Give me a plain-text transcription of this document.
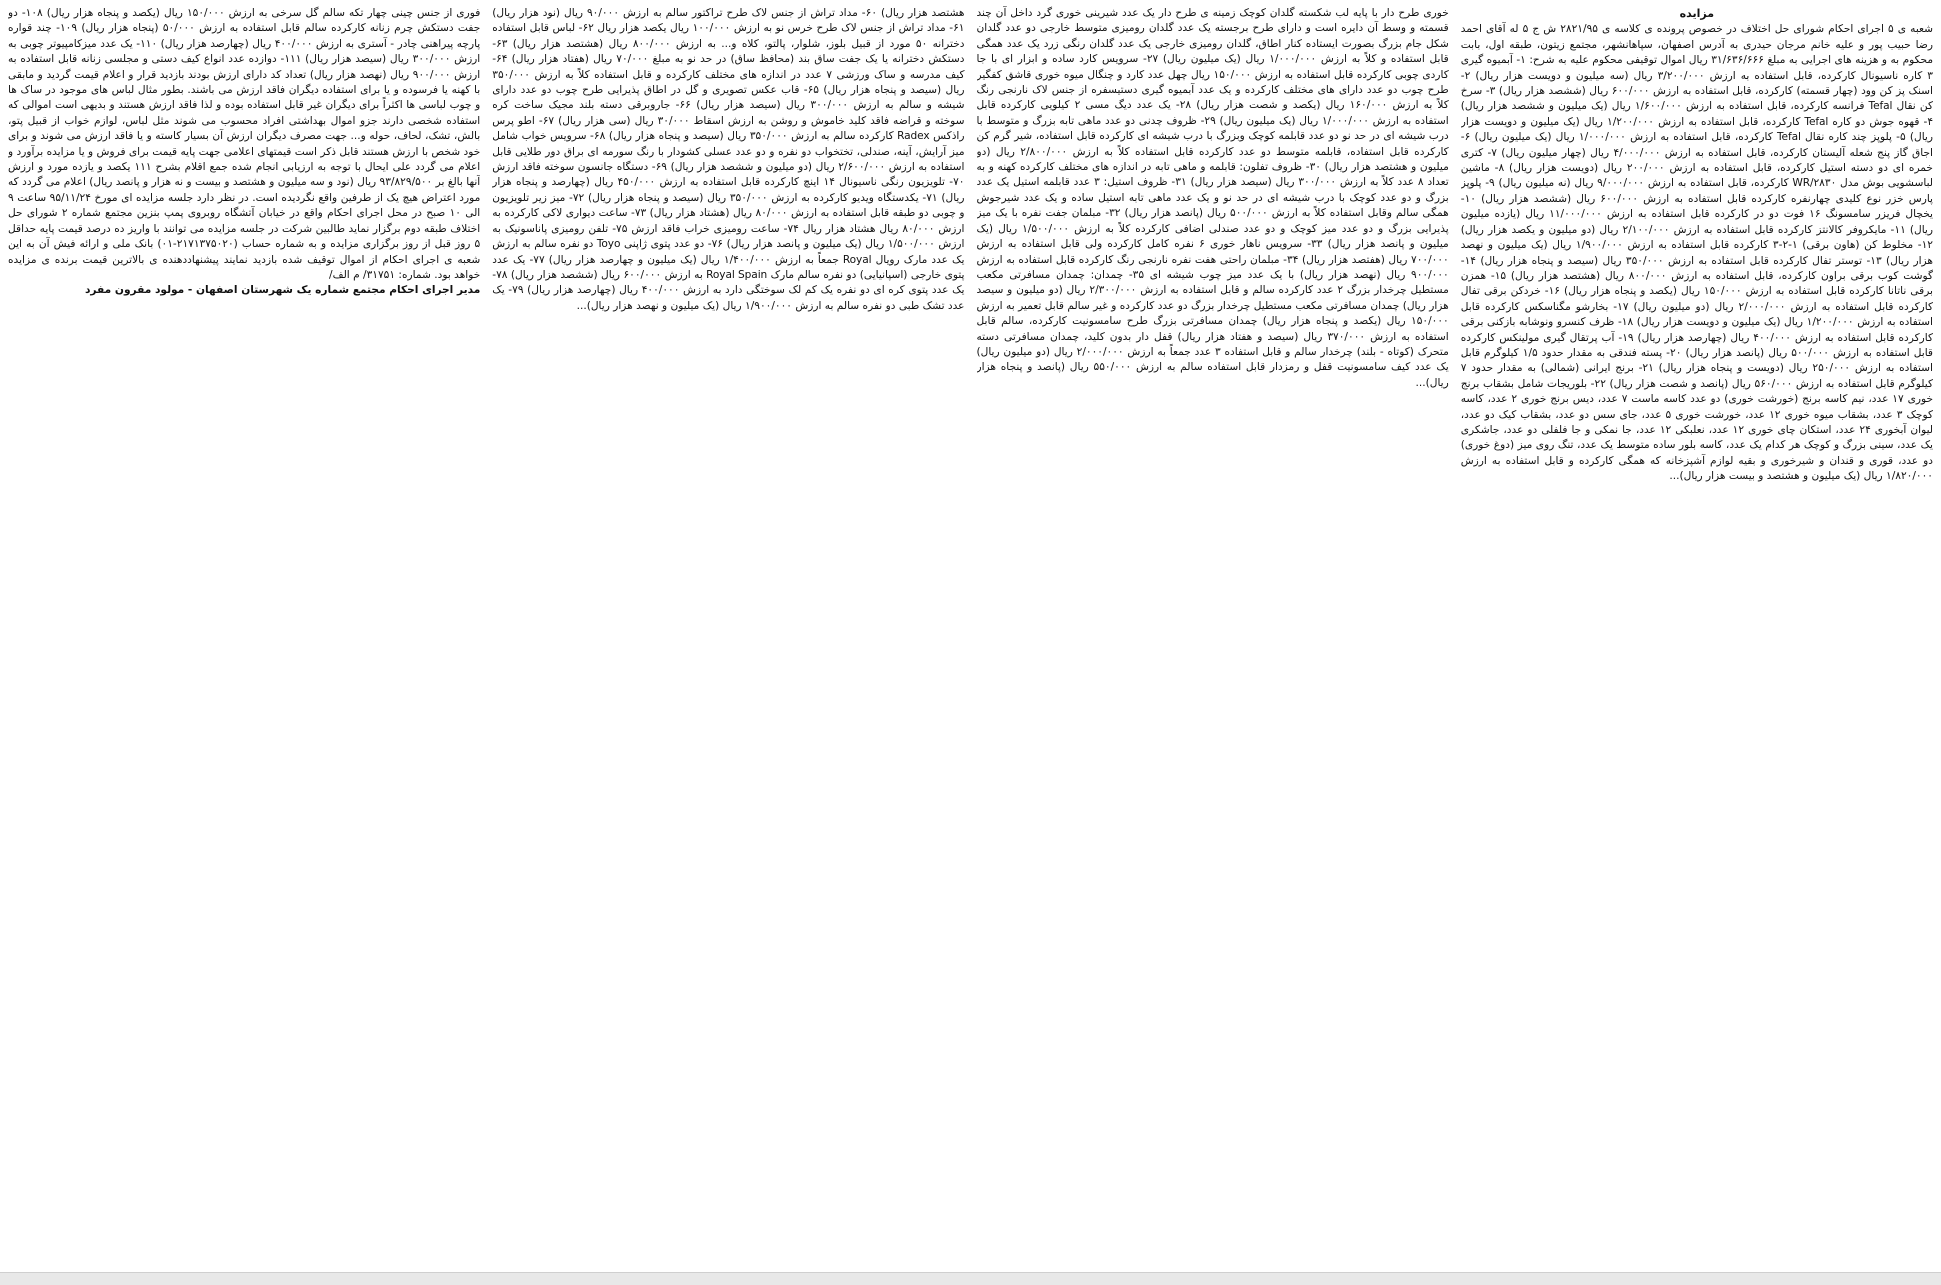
مزایده

شعبه ی ۵ اجرای احکام شورای حل اختلاف در خصوص پرونده ی کلاسه ی ۲۸۲۱/۹۵ ش ج ۵ له آقای احمد رضا حبیب پور و علیه خانم مرجان حیدری به آدرس اصفهان، سپاهانشهر، مجتمع زیتون، طبقه اول، بابت محکوم به و هزینه های اجرایی به مبلغ ۳۱/۶۳۶/۶۶۶ ریال اموال توقیفی محکوم علیه به شرح: ۱- آبمیوه گیری ۳ کاره ناسیونال کارکرده، قابل استفاده به ارزش ۳/۲۰۰/۰۰۰ ریال (سه میلیون و دویست هزار ریال) ۲- اسنک پز کن وود (چهار قسمته) کارکرده، قابل استفاده به ارزش ۶۰۰/۰۰۰ ریال (ششصد هزار ریال) ۳- سرخ کن نقال Tefal فرانسه کارکرده، قابل استفاده به ارزش ۱/۶۰۰/۰۰۰ ریال (یک میلیون و ششصد هزار ریال) ۴- قهوه جوش دو کاره Tefal کارکرده، قابل استفاده به ارزش ۱/۲۰۰/۰۰۰ ریال (یک میلیون و دویست هزار ریال) ۵- پلوپز چند کاره نقال Tefal کارکرده، قابل استفاده به ارزش ۱/۰۰۰/۰۰۰ ریال (یک میلیون ریال) ۶- اجاق گاز پنج شعله آلیستان کارکرده، قابل استفاده به ارزش ۴/۰۰۰/۰۰۰ ریال (چهار میلیون ریال) ۷- کتری خمره ای دو دسته استیل کارکرده، قابل استفاده به ارزش ۲۰۰/۰۰۰ ریال (دویست هزار ریال) ۸- ماشین لباسشویی بوش مدل WR/۲۸۳۰ کارکرده، قابل استفاده به ارزش ۹/۰۰۰/۰۰۰ ریال (نه میلیون ریال) ۹- پلوپز پارس خزر نوع کلیدی چهارنفره کارکرده قابل استفاده به ارزش ۶۰۰/۰۰۰ ریال (ششصد هزار ریال) ۱۰- یخچال فریزر سامسونگ ۱۶ فوت دو در کارکرده قابل استفاده به ارزش ۱۱/۰۰۰/۰۰۰ ریال (یازده میلیون ریال) ۱۱- مایکروفر کالانتز کارکرده قابل استفاده به ارزش ۲/۱۰۰/۰۰۰ ریال (دو میلیون و یکصد هزار ریال) ۱۲- مخلوط کن (هاون برقی) ۱-۲-۳ کارکرده قابل استفاده به ارزش ۱/۹۰۰/۰۰۰ ریال (یک میلیون و نهصد هزار ریال) ۱۳- توستر تفال کارکرده قابل استفاده به ارزش ۳۵۰/۰۰۰ ریال (سیصد و پنجاه هزار ریال) ۱۴- گوشت کوب برقی براون کارکرده، قابل استفاده به ارزش ۸۰۰/۰۰۰ ریال (هشتصد هزار ریال) ۱۵- همزن برقی ناتانا کارکرده قابل استفاده به ارزش ۱۵۰/۰۰۰ ریال (یکصد و پنجاه هزار ریال) ۱۶- خردکن برقی تفال کارکرده قابل استفاده به ارزش ۲/۰۰۰/۰۰۰ ریال (دو میلیون ریال) ۱۷- بخارشو مگناسکس کارکرده قابل استفاده به ارزش ۱/۲۰۰/۰۰۰ ریال (یک میلیون و دویست هزار ریال) ۱۸- ظرف کنسرو ونوشابه بازکنی برقی کارکرده قابل استفاده به ارزش ۴۰۰/۰۰۰ ریال (چهارصد هزار ریال) ۱۹- آب پرتقال گیری مولینکس کارکرده قابل استفاده به ارزش ۵۰۰/۰۰۰ ریال (پانصد هزار ریال) ۲۰- پسته فندقی به مقدار حدود ۱/۵ کیلوگرم قابل استفاده به ارزش ۲۵۰/۰۰۰ ریال (دویست و پنجاه هزار ریال) ۲۱- برنج ایرانی (شمالی) به مقدار حدود ۷ کیلوگرم قابل استفاده به ارزش ۵۶۰/۰۰۰ ریال (پانصد و شصت هزار ریال) ۲۲- بلوریجات شامل بشقاب برنج خوری ۱۷ عدد، نیم کاسه برنج (خورشت خوری) دو عدد کاسه ماست ۷ عدد، دیس برنج خوری ۲ عدد، کاسه کوچک ۳ عدد، بشقاب میوه خوری ۱۲ عدد، خورشت خوری ۵ عدد، جای سس دو عدد، بشقاب کیک دو عدد، لیوان آبخوری ۲۴ عدد، استکان چای خوری ۱۲ عدد، نعلبکی ۱۲ عدد، جا نمکی و جا فلفلی دو عدد، جاشکری یک عدد، سینی بزرگ و کوچک هر کدام یک عدد، کاسه بلور ساده متوسط یک عدد، تنگ روی میز (دوغ خوری) دو عدد، قوری و قندان و شیرخوری و بقیه لوازم آشپزخانه که همگی کارکرده و قابل استفاده به ارزش ۱/۸۲۰/۰۰۰ ریال (یک میلیون و هشتصد و بیست هزار ریال)...

خوری طرح دار با پایه لب شکسته گلدان کوچک زمینه ی طرح دار یک عدد شیرینی خوری گرد داخل آن چند قسمته و وسط آن دایره است و دارای طرح برجسته یک عدد گلدان رومیزی متوسط خارجی دو عدد گلدان شکل جام بزرگ بصورت ایستاده کنار اطاق، گلدان رومیزی خارجی یک عدد گلدان رنگی زرد یک عدد همگی قابل استفاده و کلاً به ارزش ۱/۰۰۰/۰۰۰ ریال (یک میلیون ریال) ۲۷- سرویس کارد ساده و ابزار ای با جا کاردی چوبی کارکرده قابل استفاده به ارزش ۱۵۰/۰۰۰ ریال چهل عدد کارد و چنگال میوه خوری قاشق کفگیر طرح چوب دو عدد دارای های مختلف کارکرده و یک عدد آبمیوه گیری دستیسفره از جنس لاک نارنجی رنگ کلاً به ارزش ۱۶۰/۰۰۰ ریال (یکصد و شصت هزار ریال) ۲۸- یک عدد دیگ مسی ۲ کیلویی کارکرده قابل استفاده به ارزش ۱/۰۰۰/۰۰۰ ریال (یک میلیون ریال) ۲۹- ظروف چدنی دو عدد ماهی تابه بزرگ و متوسط با درب شیشه ای در حد نو دو عدد قابلمه کوچک وبزرگ با درب شیشه ای کارکرده قابل استفاده، شیر گرم کن کارکرده قابل استفاده، قابلمه متوسط دو عدد کارکرده قابل استفاده کلاً به ارزش ۲/۸۰۰/۰۰۰ ریال (دو میلیون و هشتصد هزار ریال) ۳۰- ظروف تفلون: قابلمه و ماهی تابه در اندازه های مختلف کارکرده کهنه و به تعداد ۸ عدد کلاً به ارزش ۳۰۰/۰۰۰ ریال (سیصد هزار ریال) ۳۱- ظروف استیل: ۳ عدد قابلمه استیل یک عدد بزرگ و دو عدد کوچک با درب شیشه ای در حد نو و یک عدد ماهی تابه استیل ساده و یک عدد شیرجوش همگی سالم وقابل استفاده کلاً به ارزش ۵۰۰/۰۰۰ ریال (پانصد هزار ریال) ۳۲- مبلمان جفت نفره با یک میز پذیرایی بزرگ و دو عدد میز کوچک و دو عدد صندلی اضافی کارکرده کلاً به ارزش ۱/۵۰۰/۰۰۰ ریال (یک میلیون و پانصد هزار ریال) ۳۳- سرویس ناهار خوری ۶ نفره کامل کارکرده ولی قابل استفاده به ارزش ۷۰۰/۰۰۰ ریال (هفتصد هزار ریال) ۳۴- مبلمان راحتی هفت نفره نارنجی رنگ کارکرده قابل استفاده به ارزش ۹۰۰/۰۰۰ ریال (نهصد هزار ریال) با یک عدد میز چوب شیشه ای ۳۵- چمدان: چمدان مسافرتی مکعب مستطیل چرخدار بزرگ ۲ عدد کارکرده سالم و قابل استفاده به ارزش ۲/۳۰۰/۰۰۰ ریال (دو میلیون و سیصد هزار ریال) چمدان مسافرتی مکعب مستطیل چرخدار بزرگ دو عدد کارکرده و غیر سالم قابل تعمیر به ارزش ۱۵۰/۰۰۰ ریال (یکصد و پنجاه هزار ریال) چمدان مسافرتی بزرگ طرح سامسونیت کارکرده، سالم قابل استفاده به ارزش ۳۷۰/۰۰۰ ریال (سیصد و هفتاد هزار ریال) قفل دار بدون کلید، چمدان مسافرتی دسته متحرک (کوتاه - بلند) چرخدار سالم و قابل استفاده ۳ عدد جمعاً به ارزش ۲/۰۰۰/۰۰۰ ریال (دو میلیون ریال) یک عدد کیف سامسونیت قفل و رمزدار قابل استفاده سالم به ارزش ۵۵۰/۰۰۰ ریال (پانصد و پنجاه هزار ریال)...

هشتصد هزار ریال) ۶۰- مداد تراش از جنس لاک طرح تراکتور سالم به ارزش ۹۰/۰۰۰ ریال (نود هزار ریال) ۶۱- مداد تراش از جنس لاک طرح خرس نو به ارزش ۱۰۰/۰۰۰ ریال یکصد هزار ریال ۶۲- لباس قابل استفاده دخترانه ۵۰ مورد از قبیل بلوز، شلوار، پالتو، کلاه و... به ارزش ۸۰۰/۰۰۰ ریال (هشتصد هزار ریال) ۶۳- دستکش دخترانه یا یک جفت ساق بند (محافظ ساق) در حد نو به مبلغ ۷۰/۰۰۰ ریال (هفتاد هزار ریال) ۶۴- کیف مدرسه و ساک ورزشی ۷ عدد در اندازه های مختلف کارکرده و قابل استفاده کلاً به ارزش ۳۵۰/۰۰۰ ریال (سیصد و پنجاه هزار ریال) ۶۵- قاب عکس تصویری و گل در اطاق پذیرایی طرح چوب دو عدد دارای شیشه و سالم به ارزش ۳۰۰/۰۰۰ ریال (سیصد هزار ریال) ۶۶- جاروبرقی دسته بلند مجیک ساخت کره سوخته و قراضه فاقد کلید خاموش و روشن به ارزش اسقاط ۳۰/۰۰۰ ریال (سی هزار ریال) ۶۷- اطو پرس راذکس Radex کارکرده سالم به ارزش ۳۵۰/۰۰۰ ریال (سیصد و پنجاه هزار ریال) ۶۸- سرویس خواب شامل میز آرایش، آینه، صندلی، تختخواب دو نفره و دو عدد عسلی کشودار با رنگ سورمه ای براق دور طلایی قابل استفاده به ارزش ۲/۶۰۰/۰۰۰ ریال (دو میلیون و ششصد هزار ریال) ۶۹- دستگاه جانسون سوخته فاقد ارزش ۷۰- تلویزیون رنگی ناسیونال ۱۴ اینچ کارکرده قابل استفاده به ارزش ۴۵۰/۰۰۰ ریال (چهارصد و پنجاه هزار ریال) ۷۱- یکدستگاه ویدیو کارکرده به ارزش ۳۵۰/۰۰۰ ریال (سیصد و پنجاه هزار ریال) ۷۲- میز زیر تلویزیون و چوبی دو طبقه قابل استفاده به ارزش ۸۰/۰۰۰ ریال (هشتاد هزار ریال) ۷۳- ساعت دیواری لاکی کارکرده به ارزش ۸۰/۰۰۰ ریال هشتاد هزار ریال ۷۴- ساعت رومیزی خراب فاقد ارزش ۷۵- تلفن رومیزی پاناسونیک به ارزش ۱/۵۰۰/۰۰۰ ریال (یک میلیون و پانصد هزار ریال) ۷۶- دو عدد پتوی ژاپنی Toyo دو نفره سالم به ارزش یک عدد مارک رویال Royal جمعاً به ارزش ۱/۴۰۰/۰۰۰ ریال (یک میلیون و چهارصد هزار ریال) ۷۷- یک عدد پتوی خارجی (اسپانیایی) دو نفره سالم مارک Royal Spain به ارزش ۶۰۰/۰۰۰ ریال (ششصد هزار ریال) ۷۸- یک عدد پتوی کره ای دو نفره یک کم لک سوختگی دارد به ارزش ۴۰۰/۰۰۰ ریال (چهارصد هزار ریال) ۷۹- یک عدد تشک طبی دو نفره سالم به ارزش ۱/۹۰۰/۰۰۰ ریال (یک میلیون و نهصد هزار ریال)...

فوری از جنس چینی چهار تکه سالم گل سرخی به ارزش ۱۵۰/۰۰۰ ریال (یکصد و پنجاه هزار ریال) ۱۰۸- دو جفت دستکش چرم زنانه کارکرده سالم قابل استفاده به ارزش ۵۰/۰۰۰ (پنجاه هزار ریال) ۱۰۹- چند قواره پارچه پیراهنی چادر - آستری به ارزش ۴۰۰/۰۰۰ ریال (چهارصد هزار ریال) ۱۱۰- یک عدد میزکامپیوتر چوبی به ارزش ۳۰۰/۰۰۰ ریال (سیصد هزار ریال) ۱۱۱- دوازده عدد انواع کیف دستی و مجلسی زنانه قابل استفاده به ارزش ۹۰۰/۰۰۰ ریال (نهصد هزار ریال) تعداد کد دارای ارزش بودند بازدید قرار و اعلام قیمت گردید و مابقی با کهنه یا فرسوده و یا برای استفاده دیگران فاقد ارزش می باشند. بطور مثال لباس های موجود در ساک ها و چوب لباسی ها اکثراً برای دیگران غیر قابل استفاده بوده و لذا فاقد ارزش هستند و بدیهی است اموالی که استفاده شخصی دارند جزو اموال بهداشتی افراد محسوب می شوند مثل لباس، لوازم خواب از قبیل پتو، بالش، تشک، لحاف، حوله و... جهت مصرف دیگران ارزش آن بسیار کاسته و یا فاقد ارزش می شوند و برای خود شخص با ارزش هستند قابل ذکر است قیمتهای اعلامی جهت پایه قیمت برای فروش و یا مزایده برآورد و اعلام می گردد علی ایحال با توجه به ارزیابی انجام شده جمع اقلام بشرح ۱۱۱ یکصد و یازده مورد و ارزش آنها بالغ بر ۹۳/۸۲۹/۵۰۰ ریال (نود و سه میلیون و هشتصد و بیست و نه هزار و پانصد ریال) اعلام می گردد که مورد اعتراض هیچ یک از طرفین واقع نگردیده است. در نظر دارد جلسه مزایده ای مورخ ۹۵/۱۱/۲۴ ساعت ۹ الی ۱۰ صبح در محل اجرای احکام واقع در خیابان آتشگاه روبروی پمپ بنزین مجتمع شماره ۲ شورای حل اختلاف طبقه دوم برگزار نماید طالبین شرکت در جلسه مزایده می توانند با واریز ده درصد قیمت پایه حداقل ۵ روز قبل از روز برگزاری مزایده و به شماره حساب (۲۱۷۱۳۷۵۰۲۰-۰۱) بانک ملی و ارائه فیش آن به این شعبه ی اجرای احکام از اموال توقیف شده بازدید نمایند پیشنهاددهنده ی بالاترین قیمت برنده ی مزایده خواهد بود. شماره: ۳۱۷۵۱/ م الف/

مدیر اجرای احکام مجتمع شماره یک شهرستان اصفهان - مولود مقرون مفرد
